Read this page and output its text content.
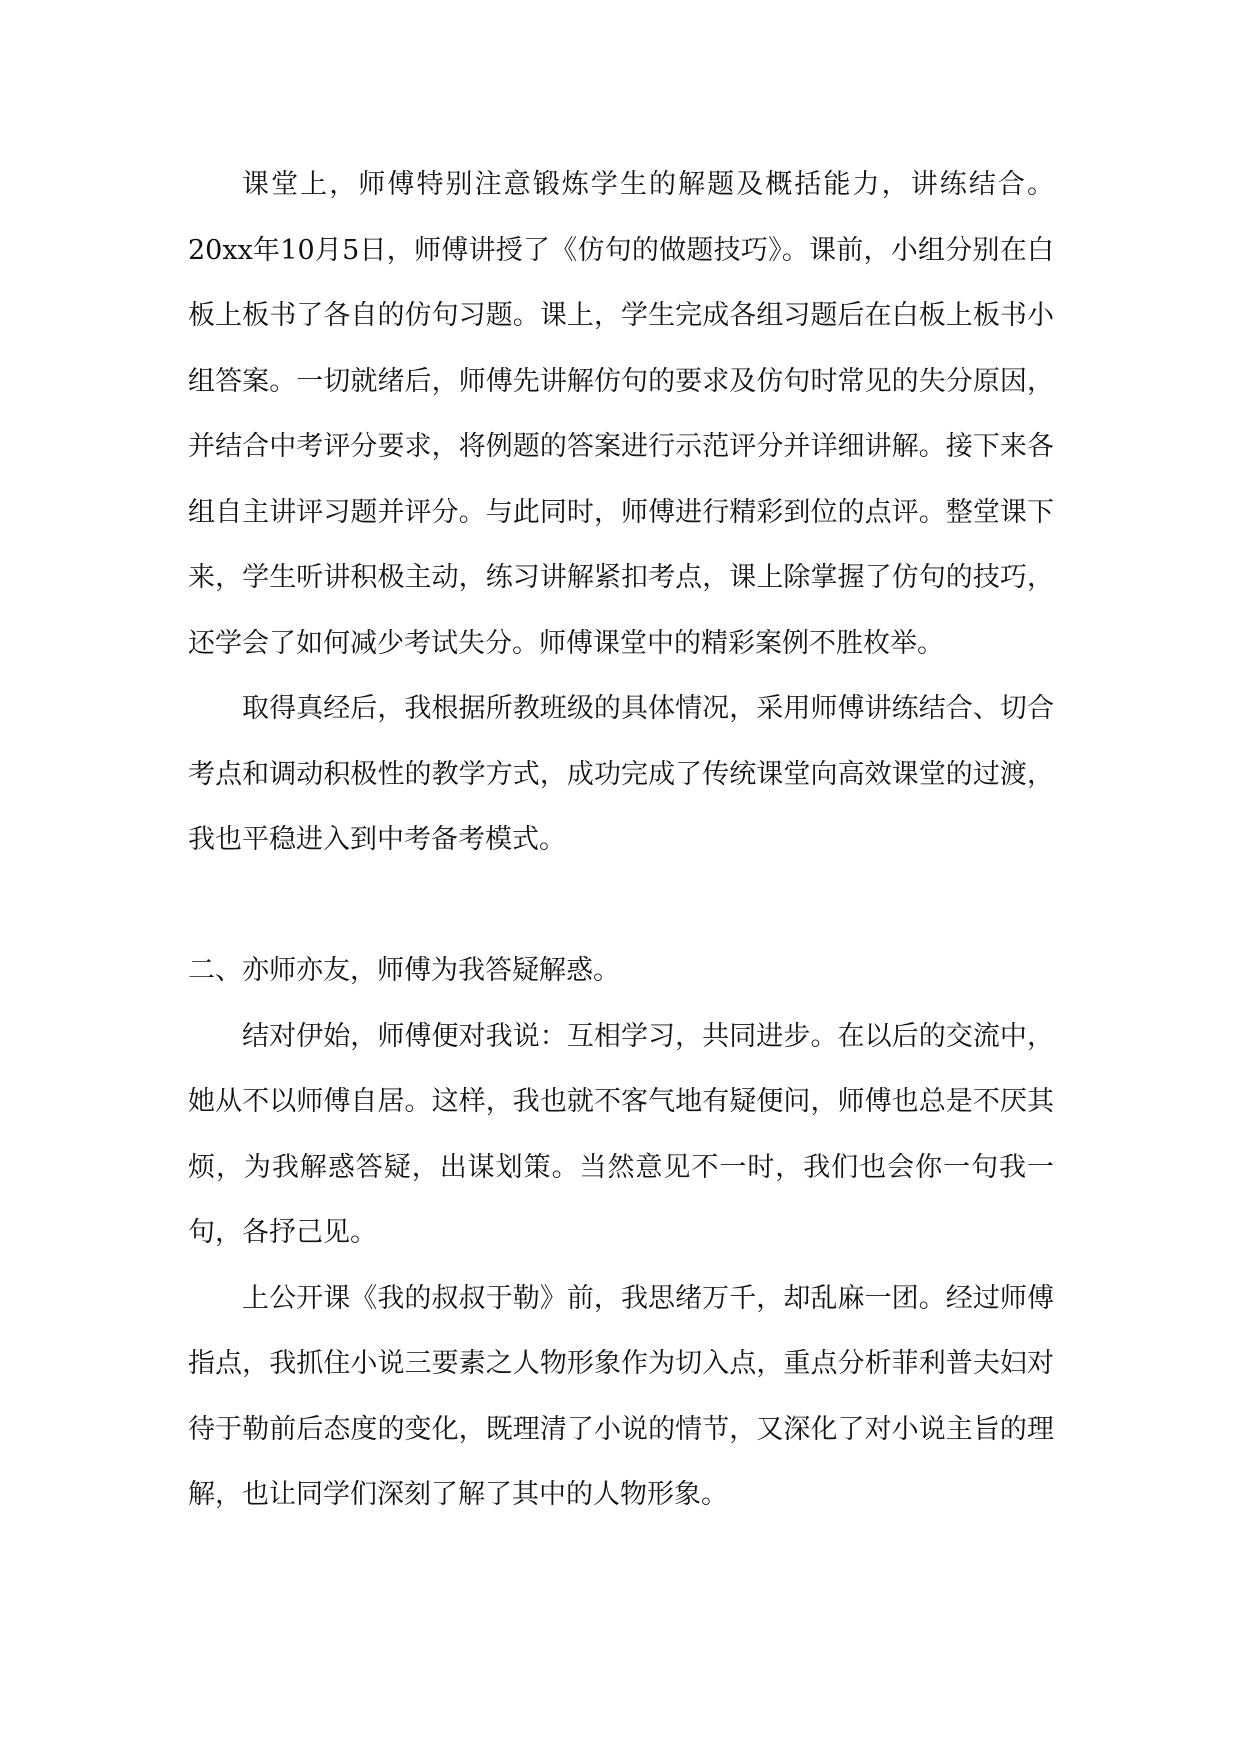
课堂上，师傅特别注意锻炼学生的解题及概括能力，讲练结合。20xx年10月5日，师傅讲授了《仿句的做题技巧》。课前，小组分别在白板上板书了各自的仿句习题。课上，学生完成各组习题后在白板上板书小组答案。一切就绪后，师傅先讲解仿句的要求及仿句时常见的失分原因，并结合中考评分要求，将例题的答案进行示范评分并详细讲解。接下来各组自主讲评习题并评分。与此同时，师傅进行精彩到位的点评。整堂课下来，学生听讲积极主动，练习讲解紧扣考点，课上除掌握了仿句的技巧，还学会了如何减少考试失分。师傅课堂中的精彩案例不胜枚举。

取得真经后，我根据所教班级的具体情况，采用师傅讲练结合、切合考点和调动积极性的教学方式，成功完成了传统课堂向高效课堂的过渡，我也平稳进入到中考备考模式。

二、亦师亦友，师傅为我答疑解惑。

结对伊始，师傅便对我说：互相学习，共同进步。在以后的交流中，她从不以师傅自居。这样，我也就不客气地有疑便问，师傅也总是不厌其烦，为我解惑答疑，出谋划策。当然意见不一时，我们也会你一句我一句，各抒己见。

上公开课《我的叔叔于勒》前，我思绪万千，却乱麻一团。经过师傅指点，我抓住小说三要素之人物形象作为切入点，重点分析菲利普夫妇对待于勒前后态度的变化，既理清了小说的情节，又深化了对小说主旨的理解，也让同学们深刻了解了其中的人物形象。
